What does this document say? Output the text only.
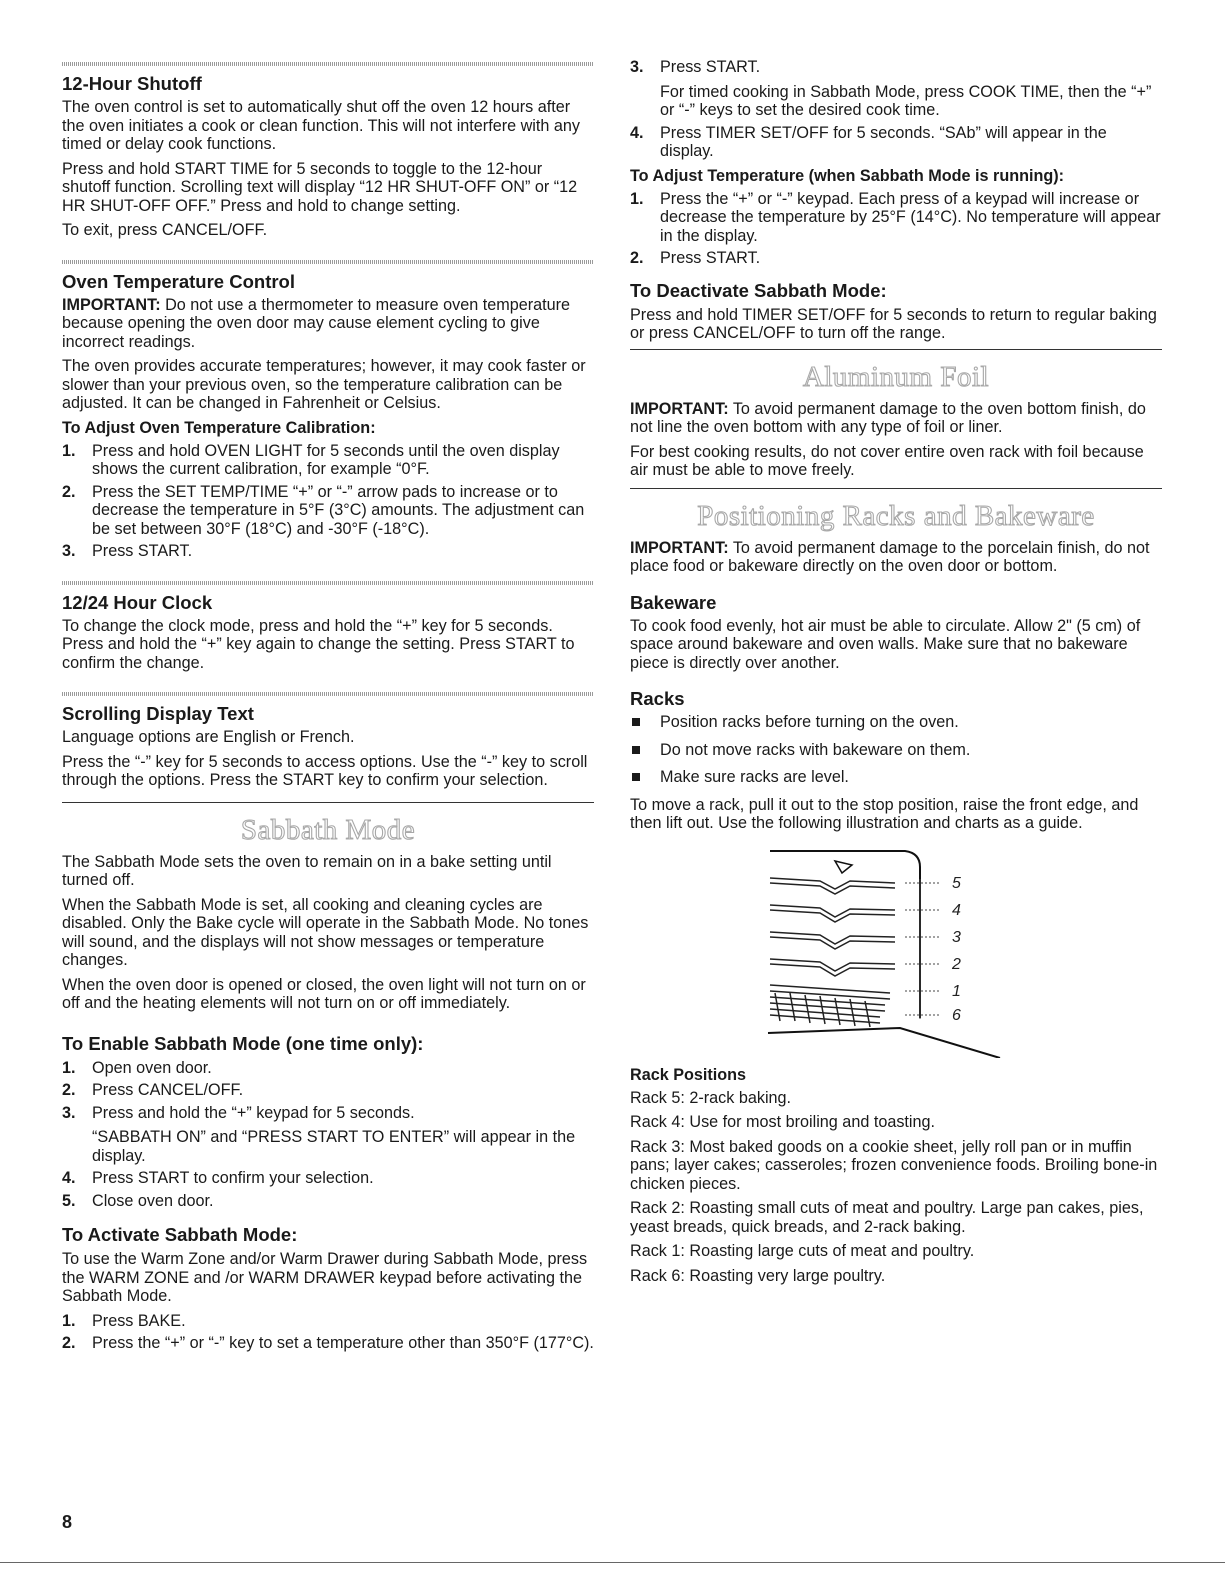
12-Hour Shutoff

The oven control is set to automatically shut off the oven 12 hours after the oven initiates a cook or clean function. This will not interfere with any timed or delay cook functions.

Press and hold START TIME for 5 seconds to toggle to the 12-hour shutoff function. Scrolling text will display “12 HR SHUT-OFF ON” or “12 HR SHUT-OFF OFF.” Press and hold to change setting.

To exit, press CANCEL/OFF.

Oven Temperature Control

IMPORTANT: Do not use a thermometer to measure oven temperature because opening the oven door may cause element cycling to give incorrect readings.

The oven provides accurate temperatures; however, it may cook faster or slower than your previous oven, so the temperature calibration can be adjusted. It can be changed in Fahrenheit or Celsius.

To Adjust Oven Temperature Calibration:
1. Press and hold OVEN LIGHT for 5 seconds until the oven display shows the current calibration, for example “0°F.
2. Press the SET TEMP/TIME “+” or “-” arrow pads to increase or to decrease the temperature in 5°F (3°C) amounts. The adjustment can be set between 30°F (18°C) and -30°F (-18°C).
3. Press START.
12/24 Hour Clock

To change the clock mode, press and hold the “+” key for 5 seconds. Press and hold the “+” key again to change the setting. Press START to confirm the change.

Scrolling Display Text

Language options are English or French.

Press the “-” key for 5 seconds to access options. Use the “-” key to scroll through the options. Press the START key to confirm your selection.

Sabbath Mode

The Sabbath Mode sets the oven to remain on in a bake setting until turned off.

When the Sabbath Mode is set, all cooking and cleaning cycles are disabled. Only the Bake cycle will operate in the Sabbath Mode. No tones will sound, and the displays will not show messages or temperature changes.

When the oven door is opened or closed, the oven light will not turn on or off and the heating elements will not turn on or off immediately.

To Enable Sabbath Mode (one time only):
1. Open oven door.
2. Press CANCEL/OFF.
3. Press and hold the “+” keypad for 5 seconds.
“SABBATH ON” and “PRESS START TO ENTER” will appear in the display.
4. Press START to confirm your selection.
5. Close oven door.
To Activate Sabbath Mode:

To use the Warm Zone and/or Warm Drawer during Sabbath Mode, press the WARM ZONE and /or WARM DRAWER keypad before activating the Sabbath Mode.

1. Press BAKE.
2. Press the “+” or “-” key to set a temperature other than 350°F (177°C).
3. Press START.
For timed cooking in Sabbath Mode, press COOK TIME, then the “+” or “-” keys to set the desired cook time.
4. Press TIMER SET/OFF for 5 seconds. “SAb” will appear in the display.
To Adjust Temperature (when Sabbath Mode is running):
1. Press the “+” or “-” keypad. Each press of a keypad will increase or decrease the temperature by 25°F (14°C). No temperature will appear in the display.
2. Press START.
To Deactivate Sabbath Mode:

Press and hold TIMER SET/OFF for 5 seconds to return to regular baking or press CANCEL/OFF to turn off the range.

Aluminum Foil

IMPORTANT: To avoid permanent damage to the oven bottom finish, do not line the oven bottom with any type of foil or liner.

For best cooking results, do not cover entire oven rack with foil because air must be able to move freely.

Positioning Racks and Bakeware

IMPORTANT: To avoid permanent damage to the porcelain finish, do not place food or bakeware directly on the oven door or bottom.

Bakeware

To cook food evenly, hot air must be able to circulate. Allow 2" (5 cm) of space around bakeware and oven walls. Make sure that no bakeware piece is directly over another.

Racks
Position racks before turning on the oven.
Do not move racks with bakeware on them.
Make sure racks are level.

To move a rack, pull it out to the stop position, raise the front edge, and then lift out. Use the following illustration and charts as a guide.

5
4
3
2
1
6
Rack Positions

Rack 5: 2-rack baking.

Rack 4: Use for most broiling and toasting.

Rack 3: Most baked goods on a cookie sheet, jelly roll pan or in muffin pans; layer cakes; casseroles; frozen convenience foods. Broiling bone-in chicken pieces.

Rack 2: Roasting small cuts of meat and poultry. Large pan cakes, pies, yeast breads, quick breads, and 2-rack baking.

Rack 1: Roasting large cuts of meat and poultry.

Rack 6: Roasting very large poultry.

8
